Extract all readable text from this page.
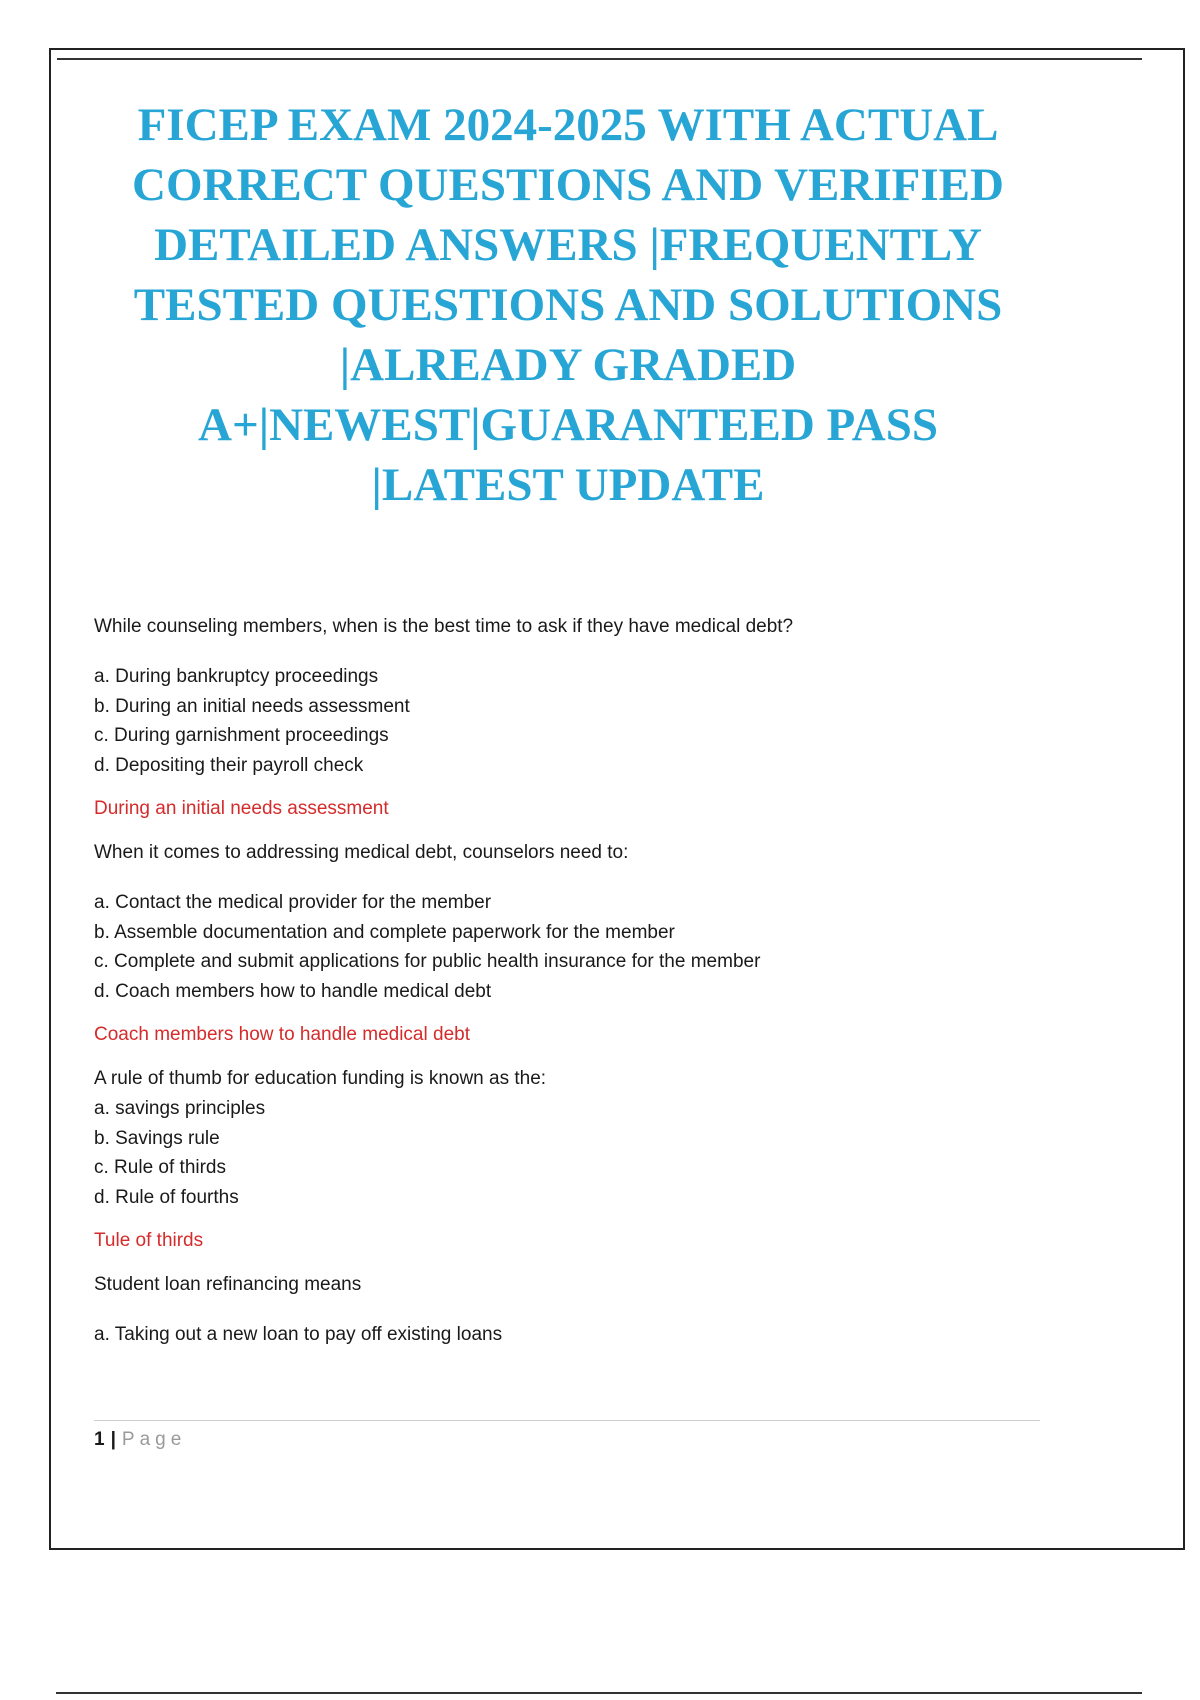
FICEP EXAM 2024-2025 WITH ACTUAL
CORRECT QUESTIONS AND VERIFIED
DETAILED ANSWERS |FREQUENTLY
TESTED QUESTIONS AND SOLUTIONS
|ALREADY GRADED
A+|NEWEST|GUARANTEED PASS
|LATEST UPDATE

While counseling members, when is the best time to ask if they have medical debt?

a. During bankruptcy proceedings
b. During an initial needs assessment
c. During garnishment proceedings
d. Depositing their payroll check
During an initial needs assessment

When it comes to addressing medical debt, counselors need to:

a. Contact the medical provider for the member
b. Assemble documentation and complete paperwork for the member
c. Complete and submit applications for public health insurance for the member
d. Coach members how to handle medical debt
Coach members how to handle medical debt

A rule of thumb for education funding is known as the:

a. savings principles
b. Savings rule
c. Rule of thirds
d. Rule of fourths
Tule of thirds

Student loan refinancing means

a. Taking out a new loan to pay off existing loans
1 | Page
